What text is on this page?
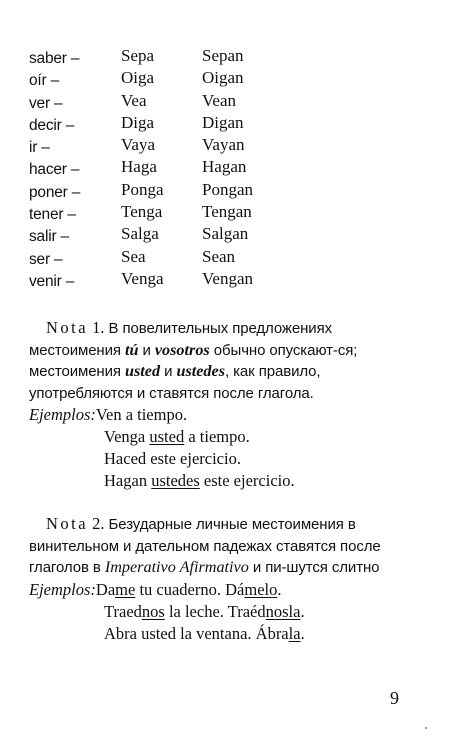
saber – Sepa	Sepan
oír –	Oiga	Oigan
ver –	Vea	Vean
decir –	Diga	Digan
ir –	Vaya	Vayan
hacer – Haga	Hagan
poner – Ponga Pongan
tener –	Tenga Tengan
salir –	Salga	Salgan
ser –	Sea	Sean
venir –	Venga Vengan
Nota 1. В повелительных предложениях местоимения tú и vosotros обычно опускают-ся; местоимения usted и ustedes, как правило, употребляются и ставятся после глагола.
Ejemplos:Ven a tiempo.
Venga usted a tiempo.
Haced este ejercicio.
Hagan ustedes este ejercicio.
Nota 2. Безударные личные местоимения в винительном и дательном падежах ставятся после глаголов в Imperativo Afirmativo и пи-шутся слитно
Ejemplos:Dame tu cuaderno. Dámelo.
Traednos la leche. Traédnosla.
Abra usted la ventana. Ábrala.
9
